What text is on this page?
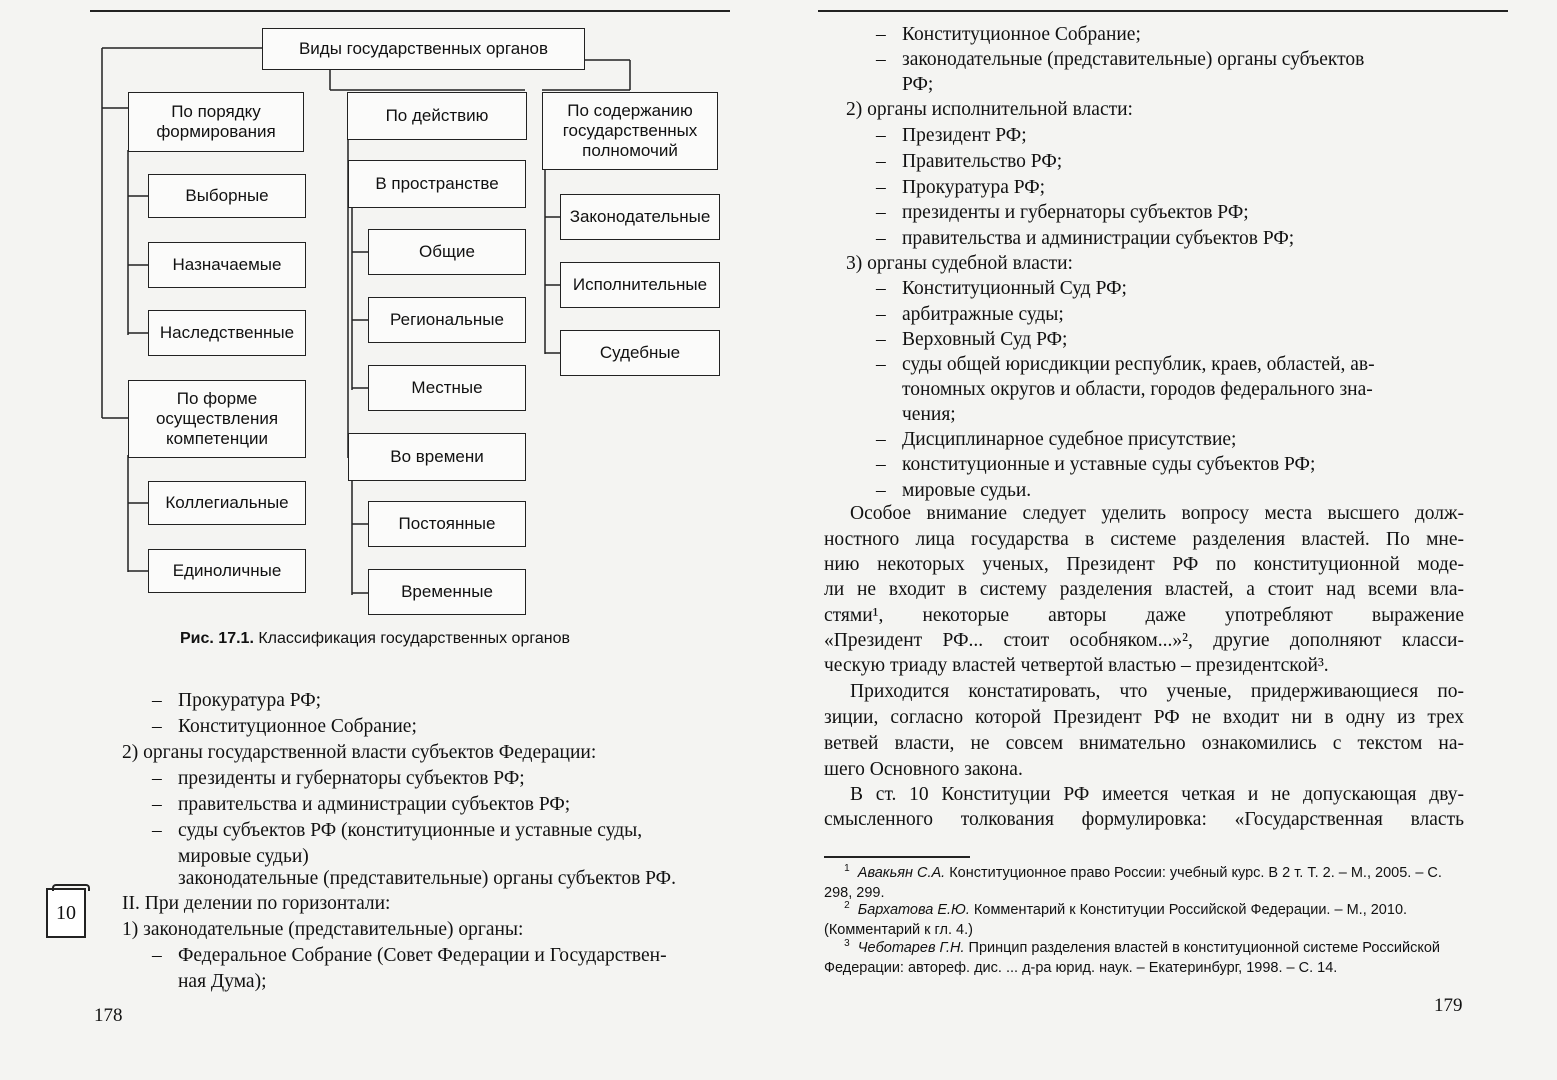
Виды государственных органов
По порядку формирования
Выборные
Назначаемые
Наследственные
По форме осуществления компетенции
Коллегиальные
Единоличные
По действию
В пространстве
Общие
Региональные
Местные
Во времени
Постоянные
Временные
По содержанию государственных полномочий
Законодательные
Исполнительные
Судебные
Рис. 17.1. Классификация государственных органов
– Прокуратура РФ;
– Конституционное Собрание;
2) органы государственной власти субъектов Федерации:
– президенты и губернаторы субъектов РФ;
– правительства и администрации субъектов РФ;
– суды субъектов РФ (конституционные и уставные суды,
мировые судьи)
законодательные (представительные) органы субъектов РФ.
II. При делении по горизонтали:
1) законодательные (представительные) органы:
– Федеральное Собрание (Совет Федерации и Государствен-
ная Дума);
10
178
– Конституционное Собрание;
– законодательные (представительные) органы субъектов
РФ;
2) органы исполнительной власти:
– Президент РФ;
– Правительство РФ;
– Прокуратура РФ;
– президенты и губернаторы субъектов РФ;
– правительства и администрации субъектов РФ;
3) органы судебной власти:
– Конституционный Суд РФ;
– арбитражные суды;
– Верховный Суд РФ;
– суды общей юрисдикции республик, краев, областей, ав-
тономных округов и области, городов федерального зна-
чения;
– Дисциплинарное судебное присутствие;
– конституционные и уставные суды субъектов РФ;
– мировые судьи.
Особое внимание следует уделить вопросу места высшего долж-
ностного лица государства в системе разделения властей. По мне-
нию некоторых ученых, Президент РФ по конституционной моде-
ли не входит в систему разделения властей, а стоит над всеми вла-
стями¹, некоторые авторы даже употребляют выражение
«Президент РФ... стоит особняком...»², другие дополняют класси-
ческую триаду властей четвертой властью – президентской³.
Приходится констатировать, что ученые, придерживающиеся по-
зиции, согласно которой Президент РФ не входит ни в одну из трех
ветвей власти, не совсем внимательно ознакомились с текстом на-
шего Основного закона.
В ст. 10 Конституции РФ имеется четкая и не допускающая дву-
смысленного толкования формулировка: «Государственная власть
$^1$ Авакьян С.А. Конституционное право России: учебный курс. В 2 т. Т. 2. – М., 2005. – С. 298, 299.
$^2$ Бархатова Е.Ю. Комментарий к Конституции Российской Федерации. – М., 2010. (Комментарий к гл. 4.)
$^3$ Чеботарев Г.Н. Принцип разделения властей в конституционной системе Российской Федерации: автореф. дис. ... д-ра юрид. наук. – Екатеринбург, 1998. – С. 14.
179
